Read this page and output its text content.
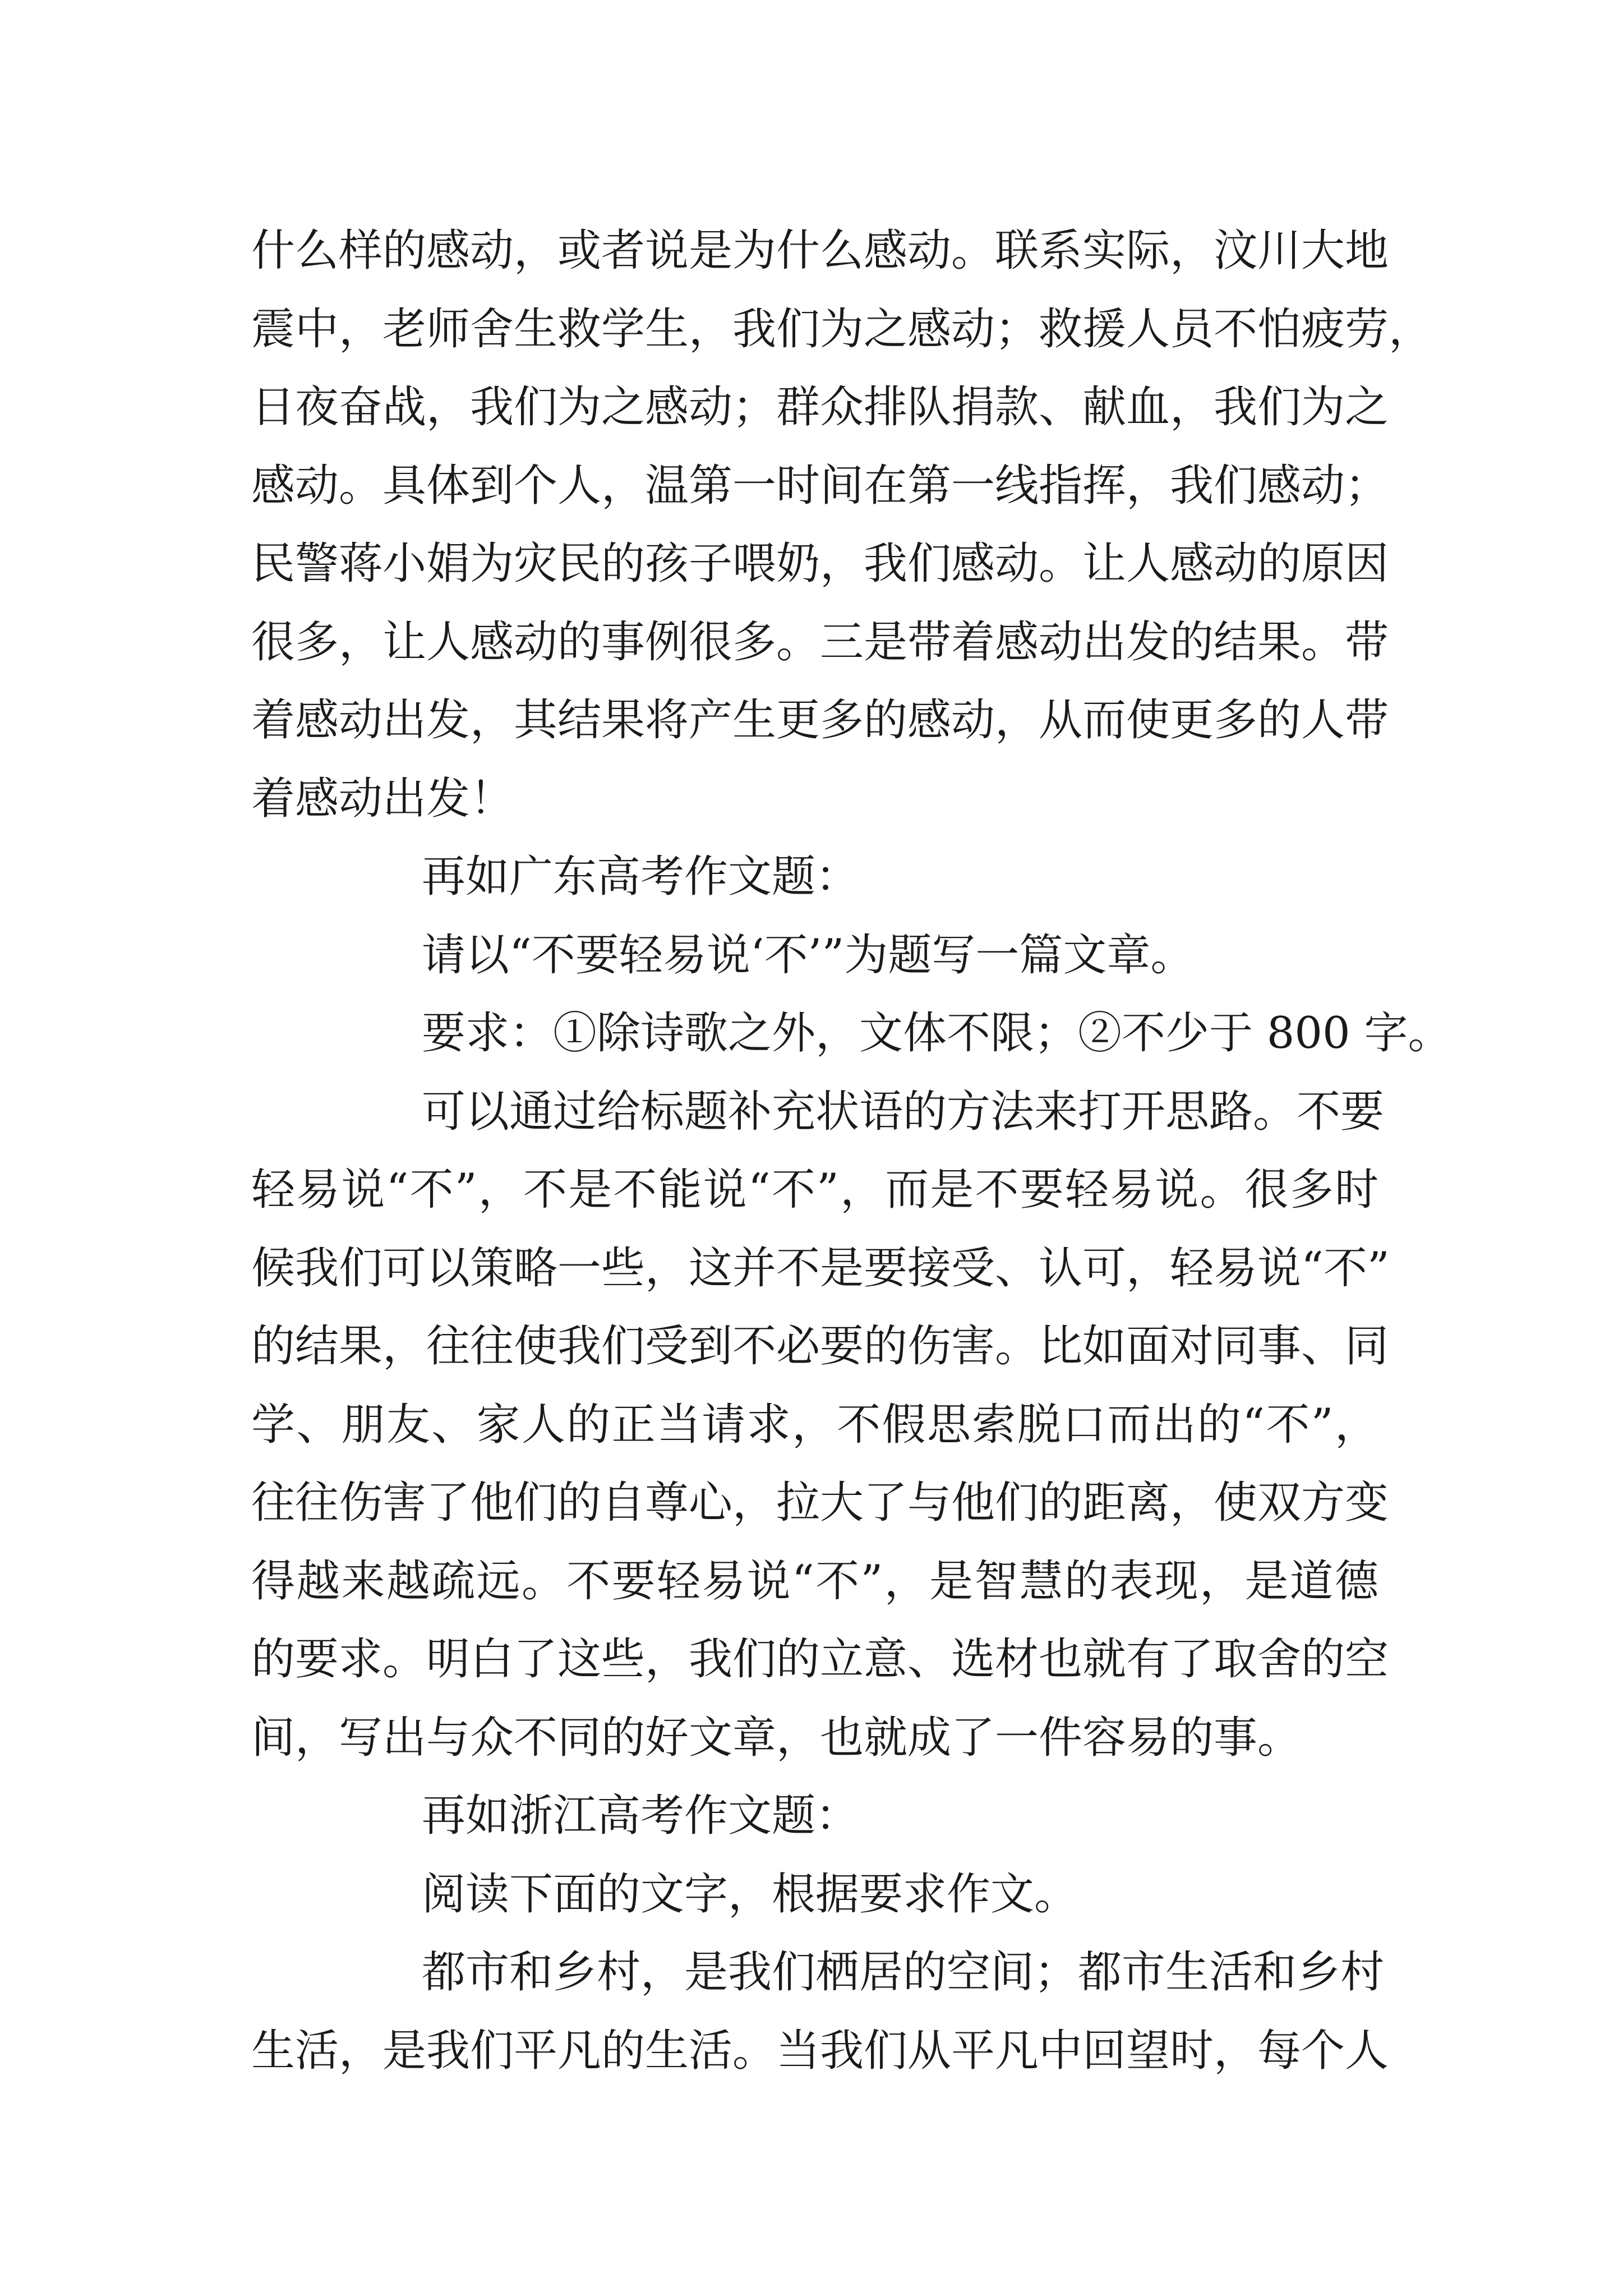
什么样的感动，或者说是为什么感动。联系实际，汶川大地
震中，老师舍生救学生，我们为之感动；救援人员不怕疲劳，
日夜奋战，我们为之感动；群众排队捐款、献血，我们为之
感动。具体到个人，温第一时间在第一线指挥，我们感动；
民警蒋小娟为灾民的孩子喂奶，我们感动。让人感动的原因
很多，让人感动的事例很多。三是带着感动出发的结果。带
着感动出发，其结果将产生更多的感动，从而使更多的人带
着感动出发！
再如广东高考作文题：
请以“不要轻易说‘不’”为题写一篇文章。
要求：①除诗歌之外，文体不限；②不少于 800 字。
可以通过给标题补充状语的方法来打开思路。不要
轻易说“不”，不是不能说“不”，而是不要轻易说。很多时
候我们可以策略一些，这并不是要接受、认可，轻易说“不”
的结果，往往使我们受到不必要的伤害。比如面对同事、同
学、朋友、家人的正当请求，不假思索脱口而出的“不”，
往往伤害了他们的自尊心，拉大了与他们的距离，使双方变
得越来越疏远。不要轻易说“不”，是智慧的表现，是道德
的要求。明白了这些，我们的立意、选材也就有了取舍的空
间，写出与众不同的好文章，也就成了一件容易的事。
再如浙江高考作文题：
阅读下面的文字，根据要求作文。
都市和乡村，是我们栖居的空间；都市生活和乡村
生活，是我们平凡的生活。当我们从平凡中回望时，每个人
